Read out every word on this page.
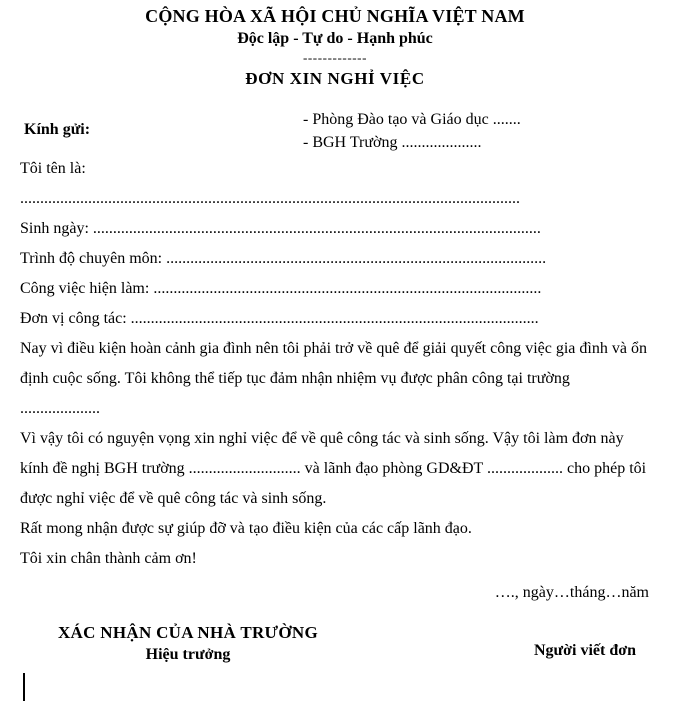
CỘNG HÒA XÃ HỘI CHỦ NGHĨA VIỆT NAM
Độc lập - Tự do - Hạnh phúc
-------------
ĐƠN XIN NGHỈ VIỆC
Kính gửi:
- Phòng Đào tạo và Giáo dục .......
- BGH Trường ....................
Tôi tên là:
.............................................................................................................................
Sinh ngày: ................................................................................................................
Trình độ chuyên môn: ...............................................................................................
Công việc hiện làm: .................................................................................................
Đơn vị công tác: ......................................................................................................
Nay vì điều kiện hoàn cảnh gia đình nên tôi phải trở về quê để giải quyết công việc gia đình và ổn định cuộc sống. Tôi không thể tiếp tục đảm nhận nhiệm vụ được phân công tại trường ....................
Vì vậy tôi có nguyện vọng xin nghỉ việc để về quê công tác và sinh sống. Vậy tôi làm đơn này kính đề nghị BGH trường ............................ và lãnh đạo phòng GD&ĐT ................... cho phép tôi được nghỉ việc để về quê công tác và sinh sống.
Rất mong nhận được sự giúp đỡ và tạo điều kiện của các cấp lãnh đạo.
Tôi xin chân thành cảm ơn!
…., ngày…tháng…năm
XÁC NHẬN CỦA NHÀ TRƯỜNG
Hiệu trưởng	Người viết đơn
